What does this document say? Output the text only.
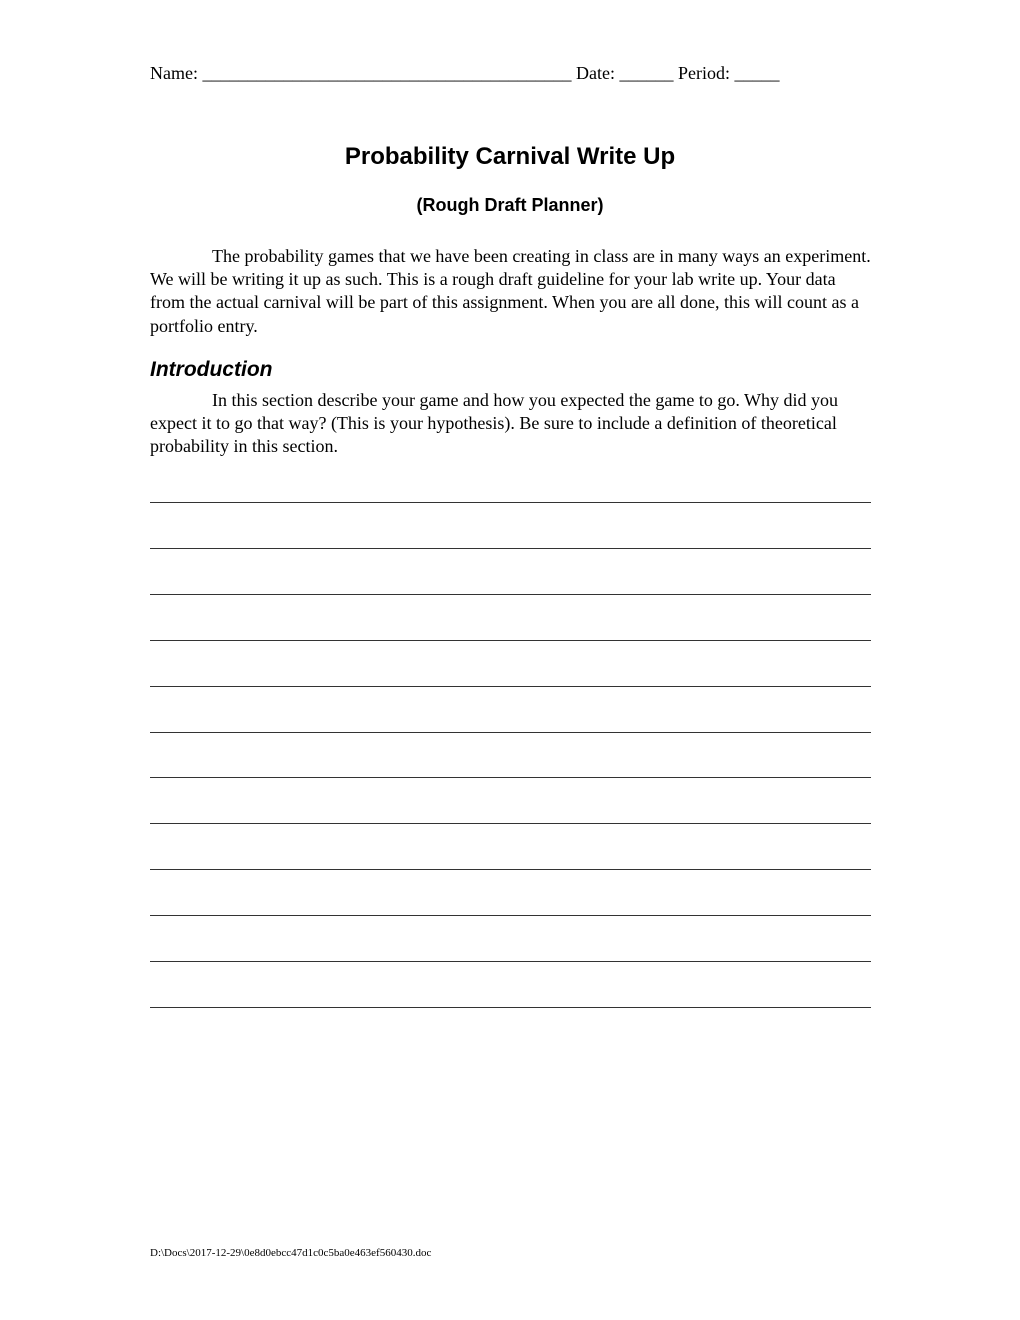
Name: _________________________________________ Date: ______ Period: _____
Probability Carnival Write Up
(Rough Draft Planner)

The probability games that we have been creating in class are in many ways an experiment. We will be writing it up as such. This is a rough draft guideline for your lab write up. Your data from the actual carnival will be part of this assignment. When you are all done, this will count as a portfolio entry.

Introduction

In this section describe your game and how you expected the game to go. Why did you expect it to go that way? (This is your hypothesis). Be sure to include a definition of theoretical probability in this section.

D:\Docs\2017-12-29\0e8d0ebcc47d1c0c5ba0e463ef560430.doc
